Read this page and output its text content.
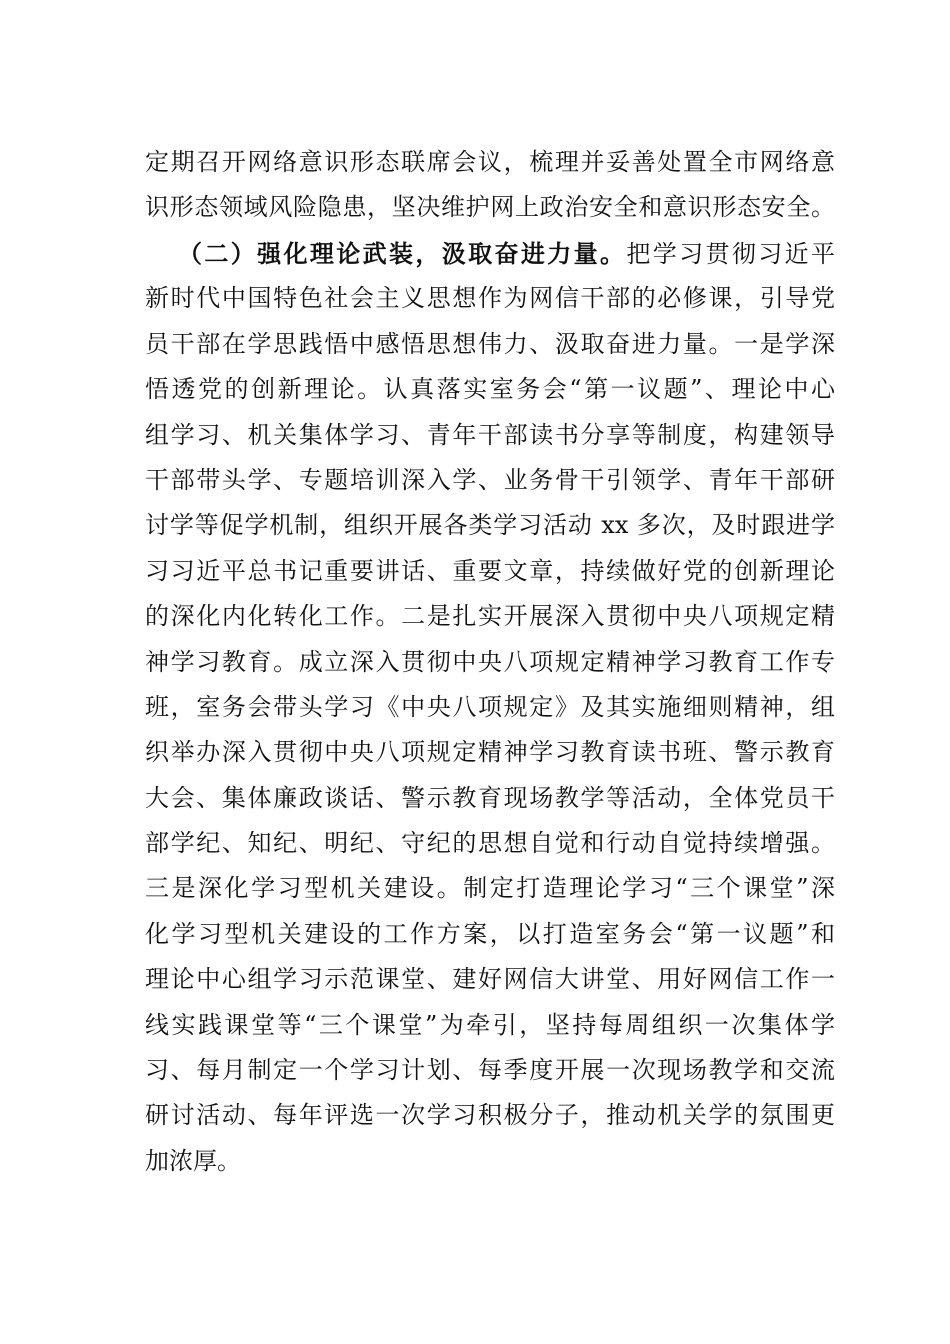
定期召开网络意识形态联席会议，梳理并妥善处置全市网络意
识形态领域风险隐患，坚决维护网上政治安全和意识形态安全。
（二）强化理论武装，汲取奋进力量。把学习贯彻习近平
新时代中国特色社会主义思想作为网信干部的必修课，引导党
员干部在学思践悟中感悟思想伟力、汲取奋进力量。一是学深
悟透党的创新理论。认真落实室务会“第一议题”、理论中心
组学习、机关集体学习、青年干部读书分享等制度，构建领导
干部带头学、专题培训深入学、业务骨干引领学、青年干部研
讨学等促学机制，组织开展各类学习活动 xx 多次，及时跟进学
习习近平总书记重要讲话、重要文章，持续做好党的创新理论
的深化内化转化工作。二是扎实开展深入贯彻中央八项规定精
神学习教育。成立深入贯彻中央八项规定精神学习教育工作专
班，室务会带头学习《中央八项规定》及其实施细则精神，组
织举办深入贯彻中央八项规定精神学习教育读书班、警示教育
大会、集体廉政谈话、警示教育现场教学等活动，全体党员干
部学纪、知纪、明纪、守纪的思想自觉和行动自觉持续增强。
三是深化学习型机关建设。制定打造理论学习“三个课堂”深
化学习型机关建设的工作方案，以打造室务会“第一议题”和
理论中心组学习示范课堂、建好网信大讲堂、用好网信工作一
线实践课堂等“三个课堂”为牵引，坚持每周组织一次集体学
习、每月制定一个学习计划、每季度开展一次现场教学和交流
研讨活动、每年评选一次学习积极分子，推动机关学的氛围更
加浓厚。
